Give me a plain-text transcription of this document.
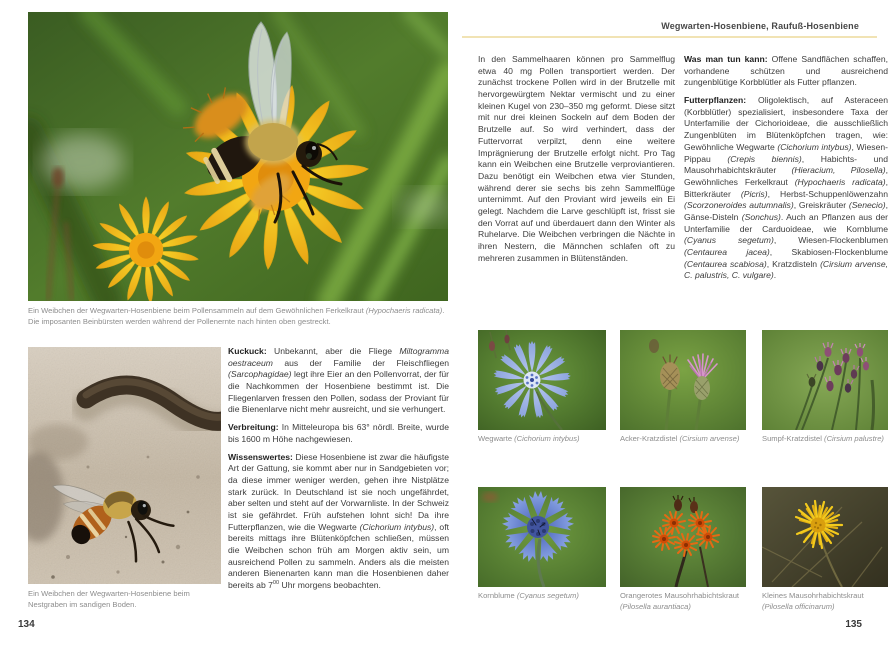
Wegwarten-Hosenbiene, Raufuß-Hosenbiene
Ein Weibchen der Wegwarten-Hosenbiene beim Pollensammeln auf dem Gewöhnlichen Ferkelkraut (Hypochaeris radicata). Die imposanten Beinbürsten werden während der Pollenernte nach hinten oben gestreckt.
Ein Weibchen der Wegwarten-Hosenbiene beim Nestgraben im sandigen Boden.

Kuckuck: Unbekannt, aber die Fliege Miltogramma oestraceum aus der Familie der Fleischfliegen (Sarcophagidae) legt ihre Eier an den Pollenvorrat, der für die Nachkommen der Hosenbiene bestimmt ist. Die Fliegenlarven fressen den Pollen, sodass der Proviant für die Bienenlarve nicht mehr ausreicht, und sie verhungert.

Verbreitung: In Mitteleuropa bis 63° nördl. Breite, wurde bis 1600 m Höhe nachgewiesen.

Wissenswertes: Diese Hosenbiene ist zwar die häufigste Art der Gattung, sie kommt aber nur in Sandgebieten vor; da diese immer weniger werden, gehen ihre Nistplätze stark zurück. In Deutschland ist sie noch ungefährdet, aber selten und steht auf der Vorwarnliste. In der Schweiz ist sie gefährdet. Früh aufstehen lohnt sich! Da ihre Futterpflanzen, wie die Wegwarte (Cichorium intybus), oft bereits mittags ihre Blütenköpfchen schließen, müssen die Weibchen schon früh am Morgen aktiv sein, um ausreichend Pollen zu sammeln. Anders als die meisten anderen Bienenarten kann man die Hosenbienen daher bereits ab $7^{00}$ Uhr morgens beobachten.

In den Sammelhaaren können pro Sammelflug etwa 40 mg Pollen transportiert werden. Der zunächst trockene Pollen wird in der Brutzelle mit hervorgewürgtem Nektar vermischt und zu einer kleinen Kugel von 230–350 mg geformt. Diese sitzt mit nur drei kleinen Sockeln auf dem Boden der Brutzelle auf. So wird verhindert, dass der Futtervorrat verpilzt, denn eine weitere Imprägnierung der Brutzelle erfolgt nicht. Pro Tag kann ein Weibchen eine Brutzelle verproviantieren. Dazu benötigt ein Weibchen etwa vier Stunden, während derer sie sechs bis zehn Sammelflüge unternimmt. Auf den Proviant wird jeweils ein Ei gelegt. Nachdem die Larve geschlüpft ist, frisst sie den Vorrat auf und überdauert dann den Winter als Ruhelarve. Die Weibchen verbringen die Nächte in ihren Nestern, die Männchen schlafen oft zu mehreren zusammen in Blütenständen.

Was man tun kann: Offene Sandflächen schaffen, vorhandene schützen und ausreichend zungenblütige Korbblütler als Futter pflanzen.

Futterpflanzen: Oligolektisch, auf Asteraceen (Korbblütler) spezialisiert, insbesondere Taxa der Unterfamilie der Cichorioideae, die ausschließlich Zungenblüten im Blütenköpfchen tragen, wie: Gewöhnliche Wegwarte (Cichorium intybus), Wiesen-Pippau (Crepis biennis), Habichts- und Mausohrhabichtskräuter (Hieracium, Pilosella), Gewöhnliches Ferkelkraut (Hypochaeris radicata), Bitterkräuter (Picris), Herbst-Schuppenlöwenzahn (Scorzoneroides autumnalis), Greiskräuter (Senecio), Gänse-Disteln (Sonchus). Auch an Pflanzen aus der Unterfamilie der Carduoideae, wie Kornblume (Cyanus segetum), Wiesen-Flockenblumen (Centaurea jacea), Skabiosen-Flockenblume (Centaurea scabiosa), Kratzdisteln (Cirsium arvense, C. palustris, C. vulgare).

Wegwarte (Cichorium intybus)	Acker-Kratzdistel (Cirsium arvense)	Sumpf-Kratzdistel (Cirsium palustre)
Kornblume (Cyanus segetum)	Orangerotes Mausohrhabichtskraut (Pilosella aurantiaca)
Kleines Mausohrhabichtskraut (Pilosella officinarum)
134	135
